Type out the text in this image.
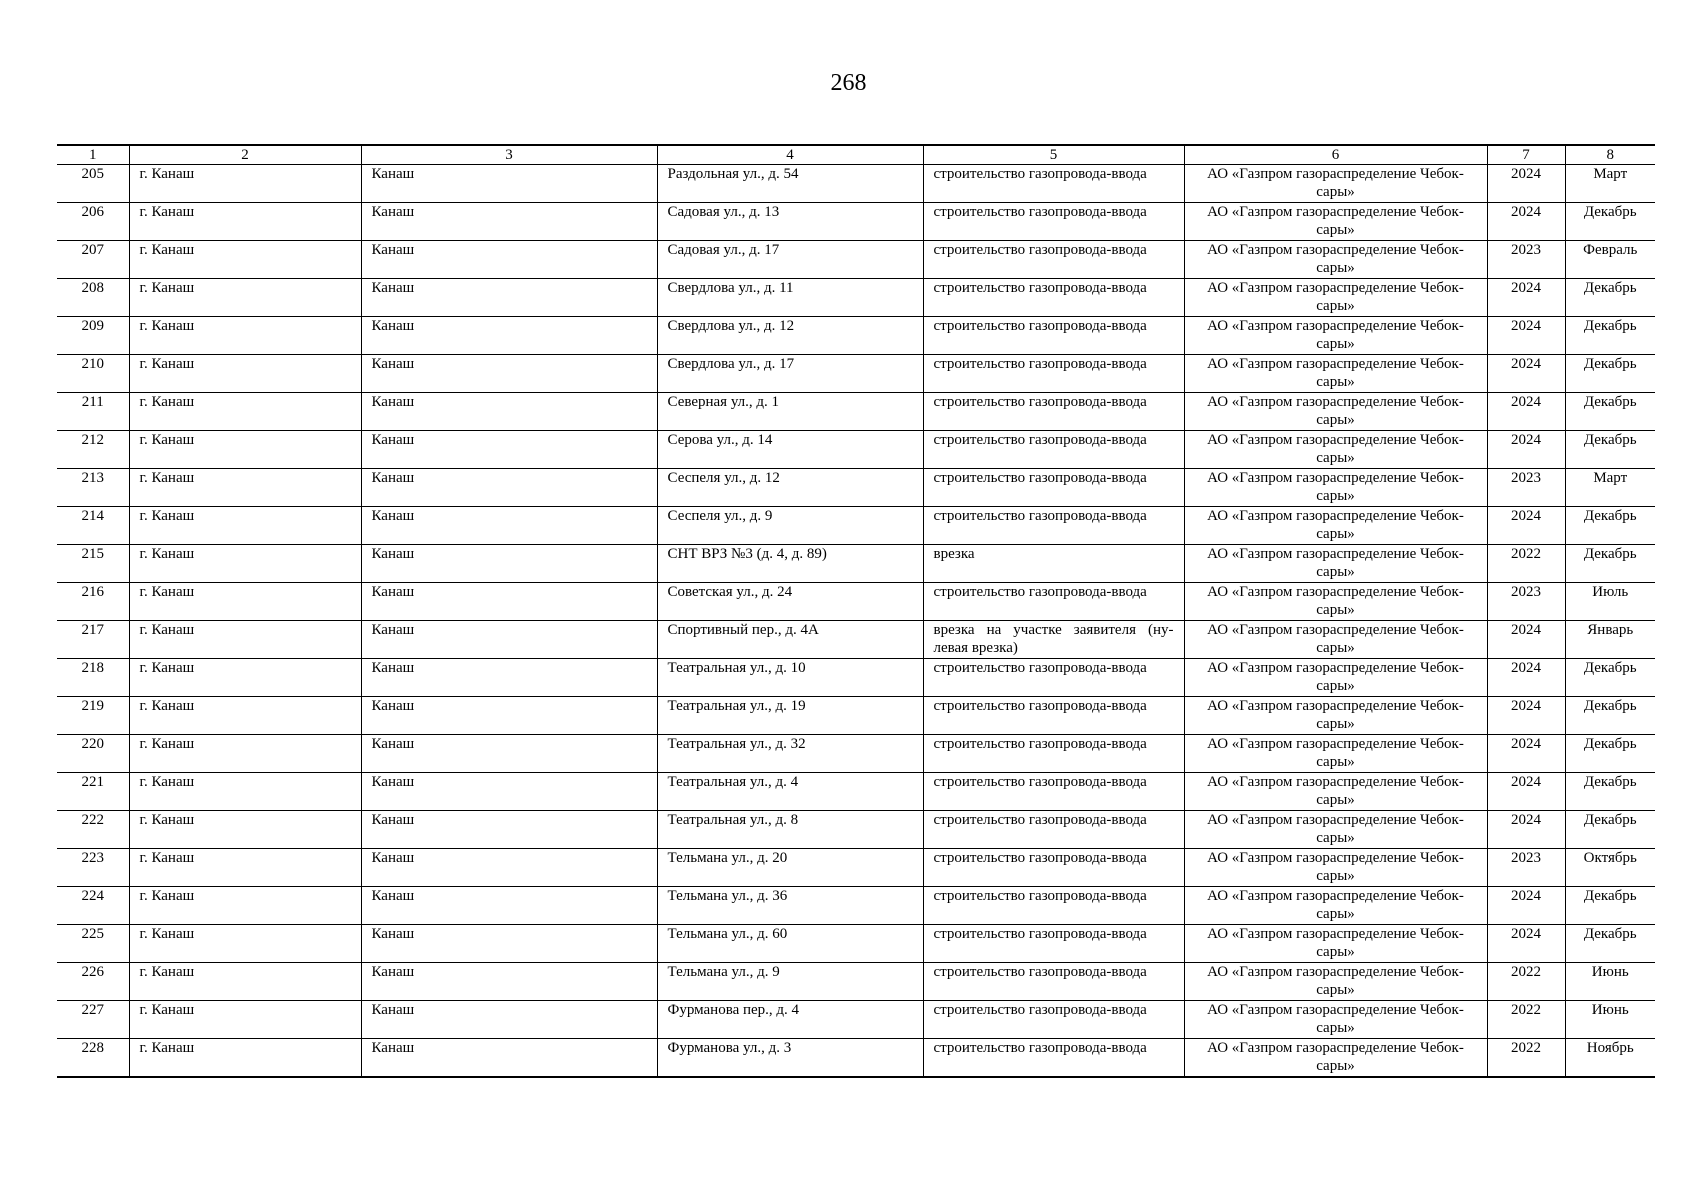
268
1	2	3	4	5	6	7	8
205	г. Канаш	Канаш	Раздольная ул., д. 54	строительство газопровода-ввода	АО «Газпром газораспределение Чебок-сары»	2024	Март
206	г. Канаш	Канаш	Садовая ул., д. 13	строительство газопровода-ввода	АО «Газпром газораспределение Чебок-сары»	2024	Декабрь
207	г. Канаш	Канаш	Садовая ул., д. 17	строительство газопровода-ввода	АО «Газпром газораспределение Чебок-сары»	2023	Февраль
208	г. Канаш	Канаш	Свердлова ул., д. 11	строительство газопровода-ввода	АО «Газпром газораспределение Чебок-сары»	2024	Декабрь
209	г. Канаш	Канаш	Свердлова ул., д. 12	строительство газопровода-ввода	АО «Газпром газораспределение Чебок-сары»	2024	Декабрь
210	г. Канаш	Канаш	Свердлова ул., д. 17	строительство газопровода-ввода	АО «Газпром газораспределение Чебок-сары»	2024	Декабрь
211	г. Канаш	Канаш	Северная ул., д. 1	строительство газопровода-ввода	АО «Газпром газораспределение Чебок-сары»	2024	Декабрь
212	г. Канаш	Канаш	Серова ул., д. 14	строительство газопровода-ввода	АО «Газпром газораспределение Чебок-сары»	2024	Декабрь
213	г. Канаш	Канаш	Сеспеля ул., д. 12	строительство газопровода-ввода	АО «Газпром газораспределение Чебок-сары»	2023	Март
214	г. Канаш	Канаш	Сеспеля ул., д. 9	строительство газопровода-ввода	АО «Газпром газораспределение Чебок-сары»	2024	Декабрь
215	г. Канаш	Канаш	СНТ ВРЗ №3 (д. 4, д. 89)	врезка	АО «Газпром газораспределение Чебок-сары»	2022	Декабрь
216	г. Канаш	Канаш	Советская ул., д. 24	строительство газопровода-ввода	АО «Газпром газораспределение Чебок-сары»	2023	Июль
217	г. Канаш	Канаш	Спортивный пер., д. 4А	врезка на участке заявителя (ну-левая врезка)	АО «Газпром газораспределение Чебок-сары»	2024	Январь
218	г. Канаш	Канаш	Театральная ул., д. 10	строительство газопровода-ввода	АО «Газпром газораспределение Чебок-сары»	2024	Декабрь
219	г. Канаш	Канаш	Театральная ул., д. 19	строительство газопровода-ввода	АО «Газпром газораспределение Чебок-сары»	2024	Декабрь
220	г. Канаш	Канаш	Театральная ул., д. 32	строительство газопровода-ввода	АО «Газпром газораспределение Чебок-сары»	2024	Декабрь
221	г. Канаш	Канаш	Театральная ул., д. 4	строительство газопровода-ввода	АО «Газпром газораспределение Чебок-сары»	2024	Декабрь
222	г. Канаш	Канаш	Театральная ул., д. 8	строительство газопровода-ввода	АО «Газпром газораспределение Чебок-сары»	2024	Декабрь
223	г. Канаш	Канаш	Тельмана ул., д. 20	строительство газопровода-ввода	АО «Газпром газораспределение Чебок-сары»	2023	Октябрь
224	г. Канаш	Канаш	Тельмана ул., д. 36	строительство газопровода-ввода	АО «Газпром газораспределение Чебок-сары»	2024	Декабрь
225	г. Канаш	Канаш	Тельмана ул., д. 60	строительство газопровода-ввода	АО «Газпром газораспределение Чебок-сары»	2024	Декабрь
226	г. Канаш	Канаш	Тельмана ул., д. 9	строительство газопровода-ввода	АО «Газпром газораспределение Чебок-сары»	2022	Июнь
227	г. Канаш	Канаш	Фурманова пер., д. 4	строительство газопровода-ввода	АО «Газпром газораспределение Чебок-сары»	2022	Июнь
228	г. Канаш	Канаш	Фурманова ул., д. 3	строительство газопровода-ввода	АО «Газпром газораспределение Чебок-сары»	2022	Ноябрь
